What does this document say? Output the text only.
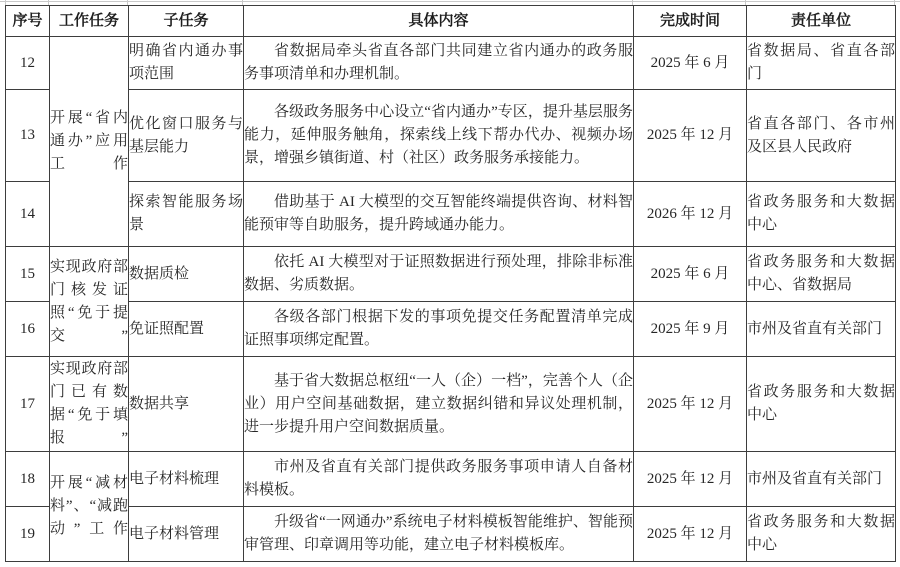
序号	工作任务	子任务	具体内容	完成时间	责任单位
12	开展“省内通办”应用工作	明确省内通办事项范围	省数据局牵头省直各部门共同建立省内通办的政务服务事项清单和办理机制。	2025 年 6 月	省数据局、省直各部门
13		优化窗口服务与基层能力	各级政务服务中心设立“省内通办”专区，提升基层服务能力，延伸服务触角，探索线上线下帮办代办、视频办场景，增强乡镇街道、村（社区）政务服务承接能力。	2025 年 12 月	省直各部门、各市州及区县人民政府
14		探索智能服务场景	借助基于 AI 大模型的交互智能终端提供咨询、材料智能预审等自助服务，提升跨域通办能力。	2026 年 12 月	省政务服务和大数据中心
15	实现政府部门核发证照“免于提交”	数据质检	依托 AI 大模型对于证照数据进行预处理，排除非标准数据、劣质数据。	2025 年 6 月	省政务服务和大数据中心、省数据局
16		免证照配置	各级各部门根据下发的事项免提交任务配置清单完成证照事项绑定配置。	2025 年 9 月	市州及省直有关部门
17	实现政府部门已有数据“免于填报”	数据共享	基于省大数据总枢纽“一人（企）一档”，完善个人（企业）用户空间基础数据，建立数据纠错和异议处理机制，进一步提升用户空间数据质量。	2025 年 12 月	省政务服务和大数据中心
18	开展“减材料”、“减跑动”工作	电子材料梳理	市州及省直有关部门提供政务服务事项申请人自备材料模板。	2025 年 12 月	市州及省直有关部门
19		电子材料管理	升级省“一网通办”系统电子材料模板智能维护、智能预审管理、印章调用等功能，建立电子材料模板库。	2025 年 12 月	省政务服务和大数据中心
